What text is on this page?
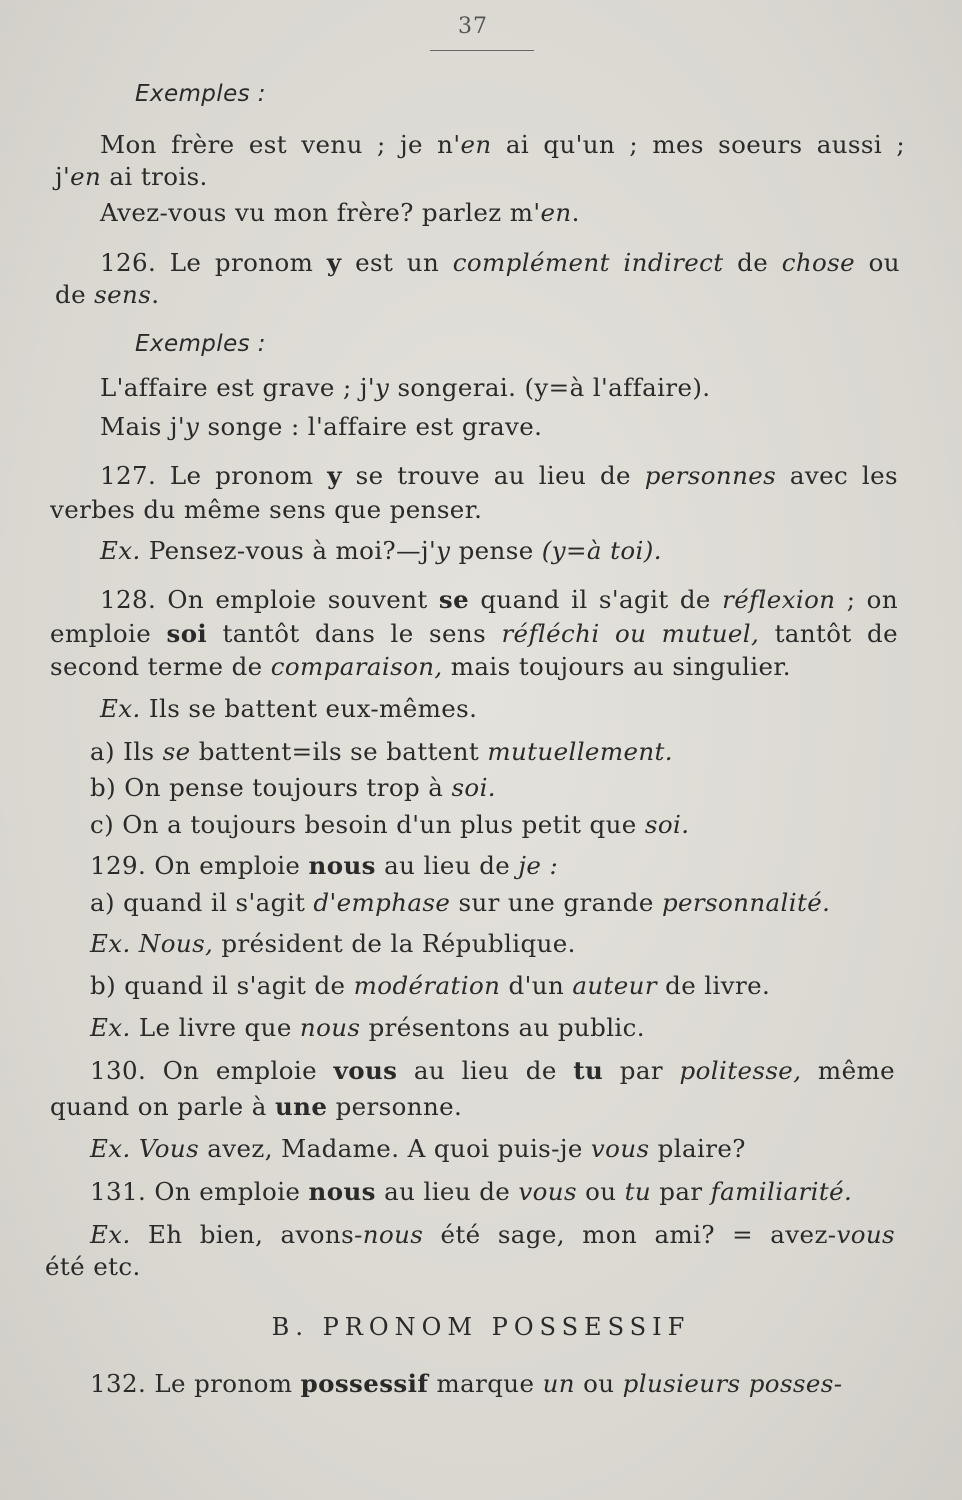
37
Exemples :
Mon frère est venu ; je n'en ai qu'un ; mes soeurs aussi ;
j'en ai trois.
Avez-vous vu mon frère? parlez m'en.
126. Le pronom y est un complément indirect de chose ou
de sens.
Exemples :
L'affaire est grave ; j'y songerai. (y=à l'affaire).
Mais j'y songe : l'affaire est grave.
127. Le pronom y se trouve au lieu de personnes avec les
verbes du même sens que penser.
Ex. Pensez-vous à moi?—j'y pense (y=à toi).
128. On emploie souvent se quand il s'agit de réflexion ; on
emploie soi tantôt dans le sens réfléchi ou mutuel, tantôt de
second terme de comparaison, mais toujours au singulier.
Ex. Ils se battent eux-mêmes.
a) Ils se battent=ils se battent mutuellement.
b) On pense toujours trop à soi.
c) On a toujours besoin d'un plus petit que soi.
129. On emploie nous au lieu de je :
a) quand il s'agit d'emphase sur une grande personnalité.
Ex. Nous, président de la République.
b) quand il s'agit de modération d'un auteur de livre.
Ex. Le livre que nous présentons au public.
130. On emploie vous au lieu de tu par politesse, même
quand on parle à une personne.
Ex. Vous avez, Madame. A quoi puis-je vous plaire?
131. On emploie nous au lieu de vous ou tu par familiarité.
Ex. Eh bien, avons-nous été sage, mon ami? = avez-vous
été etc.
B. PRONOM POSSESSIF
132. Le pronom possessif marque un ou plusieurs posses-
